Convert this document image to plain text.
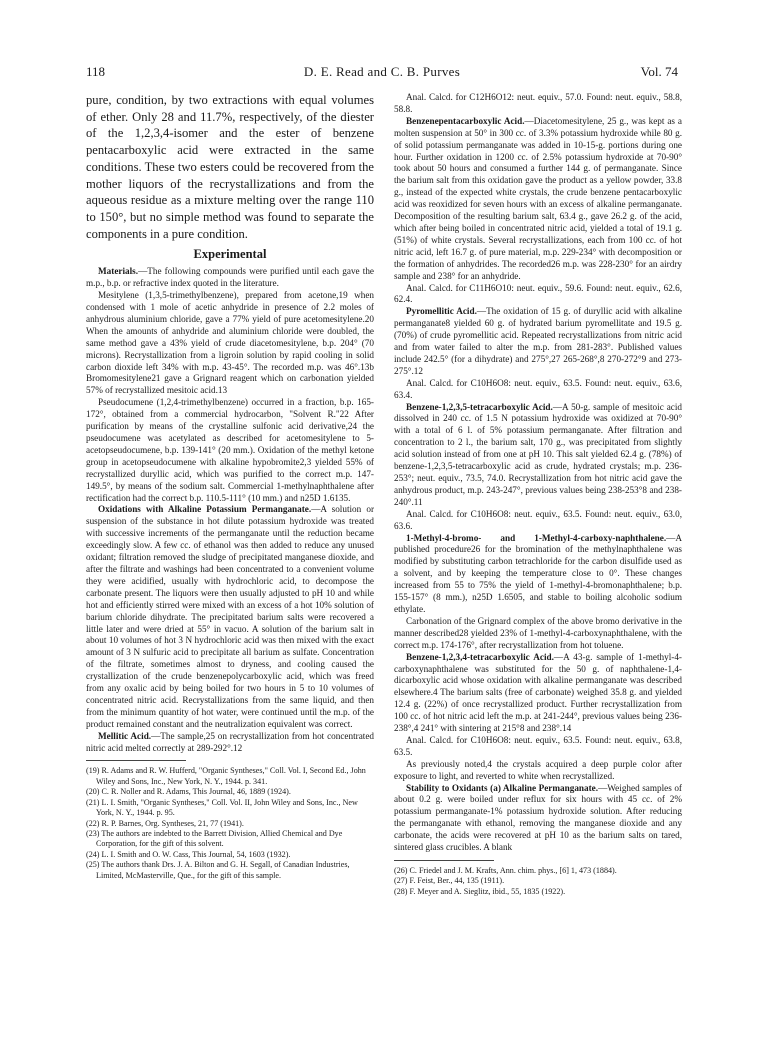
118	D. E. Read and C. B. Purves	Vol. 74

pure, condition, by two extractions with equal volumes of ether. Only 28 and 11.7%, respectively, of the diester of the 1,2,3,4-isomer and the ester of benzene pentacarboxylic acid were extracted in the same conditions. These two esters could be recovered from the mother liquors of the recrystallizations and from the aqueous residue as a mixture melting over the range 110 to 150°, but no simple method was found to separate the components in a pure condition.

Experimental

Materials.—The following compounds were purified until each gave the m.p., b.p. or refractive index quoted in the literature.

Mesitylene (1,3,5-trimethylbenzene), prepared from acetone,19 when condensed with 1 mole of acetic anhydride in presence of 2.2 moles of anhydrous aluminium chloride, gave a 77% yield of pure acetomesitylene.20 When the amounts of anhydride and aluminium chloride were doubled, the same method gave a 43% yield of crude diacetomesitylene, b.p. 204° (70 microns). Recrystallization from a ligroin solution by rapid cooling in solid carbon dioxide left 34% with m.p. 43-45°. The recorded m.p. was 46°.13b Bromomesitylene21 gave a Grignard reagent which on carbonation yielded 57% of recrystallized mesitoic acid.13

Pseudocumene (1,2,4-trimethylbenzene) occurred in a fraction, b.p. 165-172°, obtained from a commercial hydrocarbon, "Solvent R."22 After purification by means of the crystalline sulfonic acid derivative,24 the pseudocumene was acetylated as described for acetomesitylene to 5-acetopseudocumene, b.p. 139-141° (20 mm.). Oxidation of the methyl ketone group in acetopseudocumene with alkaline hypobromite2,3 yielded 55% of recrystallized duryllic acid, which was purified to the correct m.p. 147-149.5°, by means of the sodium salt. Commercial 1-methylnaphthalene after rectification had the correct b.p. 110.5-111° (10 mm.) and n25D 1.6135.

Oxidations with Alkaline Potassium Permanganate.—A solution or suspension of the substance in hot dilute potassium hydroxide was treated with successive increments of the permanganate until the reduction became exceedingly slow. A few cc. of ethanol was then added to reduce any unused oxidant; filtration removed the sludge of precipitated manganese dioxide, and after the filtrate and washings had been concentrated to a convenient volume they were acidified, usually with hydrochloric acid, to decompose the carbonate present. The liquors were then usually adjusted to pH 10 and while hot and efficiently stirred were mixed with an excess of a hot 10% solution of barium chloride dihydrate. The precipitated barium salts were recovered a little later and were dried at 55° in vacuo. A solution of the barium salt in about 10 volumes of hot 3 N hydrochloric acid was then mixed with the exact amount of 3 N sulfuric acid to precipitate all barium as sulfate. Concentration of the filtrate, sometimes almost to dryness, and cooling caused the crystallization of the crude benzenepolycarboxylic acid, which was freed from any oxalic acid by being boiled for two hours in 5 to 10 volumes of concentrated nitric acid. Recrystallizations from the same liquid, and then from the minimum quantity of hot water, were continued until the m.p. of the product remained constant and the neutralization equivalent was correct.

Mellitic Acid.—The sample,25 on recrystallization from hot concentrated nitric acid melted correctly at 289-292°.12

(19) R. Adams and R. W. Hufferd, "Organic Syntheses," Coll. Vol. I, Second Ed., John Wiley and Sons, Inc., New York, N. Y., 1944. p. 341.

(20) C. R. Noller and R. Adams, This Journal, 46, 1889 (1924).

(21) L. I. Smith, "Organic Syntheses," Coll. Vol. II, John Wiley and Sons, Inc., New York, N. Y., 1944. p. 95.

(22) R. P. Barnes, Org. Syntheses, 21, 77 (1941).

(23) The authors are indebted to the Barrett Division, Allied Chemical and Dye Corporation, for the gift of this solvent.

(24) L. I. Smith and O. W. Cass, This Journal, 54, 1603 (1932).

(25) The authors thank Drs. J. A. Bilton and G. H. Segall, of Canadian Industries, Limited, McMasterville, Que., for the gift of this sample.

Anal. Calcd. for C12H6O12: neut. equiv., 57.0. Found: neut. equiv., 58.8, 58.8.

Benzenepentacarboxylic Acid.—Diacetomesitylene, 25 g., was kept as a molten suspension at 50° in 300 cc. of 3.3% potassium hydroxide while 80 g. of solid potassium permanganate was added in 10-15-g. portions during one hour. Further oxidation in 1200 cc. of 2.5% potassium hydroxide at 70-90° took about 50 hours and consumed a further 144 g. of permanganate. Since the barium salt from this oxidation gave the product as a yellow powder, 33.8 g., instead of the expected white crystals, the crude benzene pentacarboxylic acid was reoxidized for seven hours with an excess of alkaline permanganate. Decomposition of the resulting barium salt, 63.4 g., gave 26.2 g. of the acid, which after being boiled in concentrated nitric acid, yielded a total of 19.1 g. (51%) of white crystals. Several recrystallizations, each from 100 cc. of hot nitric acid, left 16.7 g. of pure material, m.p. 229-234° with decomposition or the formation of anhydrides. The recorded26 m.p. was 228-230° for an airdry sample and 238° for an anhydride.

Anal. Calcd. for C11H6O10: neut. equiv., 59.6. Found: neut. equiv., 62.6, 62.4.

Pyromellitic Acid.—The oxidation of 15 g. of duryllic acid with alkaline permanganate8 yielded 60 g. of hydrated barium pyromellitate and 19.5 g. (70%) of crude pyromellitic acid. Repeated recrystallizations from nitric acid and from water failed to alter the m.p. from 281-283°. Published values include 242.5° (for a dihydrate) and 275°,27 265-268°,8 270-272°9 and 273-275°.12

Anal. Calcd. for C10H6O8: neut. equiv., 63.5. Found: neut. equiv., 63.6, 63.4.

Benzene-1,2,3,5-tetracarboxylic Acid.—A 50-g. sample of mesitoic acid dissolved in 240 cc. of 1.5 N potassium hydroxide was oxidized at 70-90° with a total of 6 l. of 5% potassium permanganate. After filtration and concentration to 2 l., the barium salt, 170 g., was precipitated from slightly acid solution instead of from one at pH 10. This salt yielded 62.4 g. (78%) of benzene-1,2,3,5-tetracarboxylic acid as crude, hydrated crystals; m.p. 236-253°; neut. equiv., 73.5, 74.0. Recrystallization from hot nitric acid gave the anhydrous product, m.p. 243-247°, previous values being 238-253°8 and 238-240°.11

Anal. Calcd. for C10H6O8: neut. equiv., 63.5. Found: neut. equiv., 63.0, 63.6.

1-Methyl-4-bromo- and 1-Methyl-4-carboxy-naphthalene.—A published procedure26 for the bromination of the methylnaphthalene was modified by substituting carbon tetrachloride for the carbon disulfide used as a solvent, and by keeping the temperature close to 0°. These changes increased from 55 to 75% the yield of 1-methyl-4-bromonaphthalene; b.p. 155-157° (8 mm.), n25D 1.6505, and stable to boiling alcoholic sodium ethylate.

Carbonation of the Grignard complex of the above bromo derivative in the manner described28 yielded 23% of 1-methyl-4-carboxynaphthalene, with the correct m.p. 174-176°, after recrystallization from hot toluene.

Benzene-1,2,3,4-tetracarboxylic Acid.—A 43-g. sample of 1-methyl-4-carboxynaphthalene was substituted for the 50 g. of naphthalene-1,4-dicarboxylic acid whose oxidation with alkaline permanganate was described elsewhere.4 The barium salts (free of carbonate) weighed 35.8 g. and yielded 12.4 g. (22%) of once recrystallized product. Further recrystallization from 100 cc. of hot nitric acid left the m.p. at 241-244°, previous values being 236-238°,4 241° with sintering at 215°8 and 238°.14

Anal. Calcd. for C10H6O8: neut. equiv., 63.5. Found: neut. equiv., 63.8, 63.5.

As previously noted,4 the crystals acquired a deep purple color after exposure to light, and reverted to white when recrystallized.

Stability to Oxidants (a) Alkaline Permanganate.—Weighed samples of about 0.2 g. were boiled under reflux for six hours with 45 cc. of 2% potassium permanganate-1% potassium hydroxide solution. After reducing the permanganate with ethanol, removing the manganese dioxide and any carbonate, the acids were recovered at pH 10 as the barium salts on tared, sintered glass crucibles. A blank

(26) C. Friedel and J. M. Krafts, Ann. chim. phys., [6] 1, 473 (1884).

(27) F. Feist, Ber., 44, 135 (1911).

(28) F. Meyer and A. Sieglitz, ibid., 55, 1835 (1922).
